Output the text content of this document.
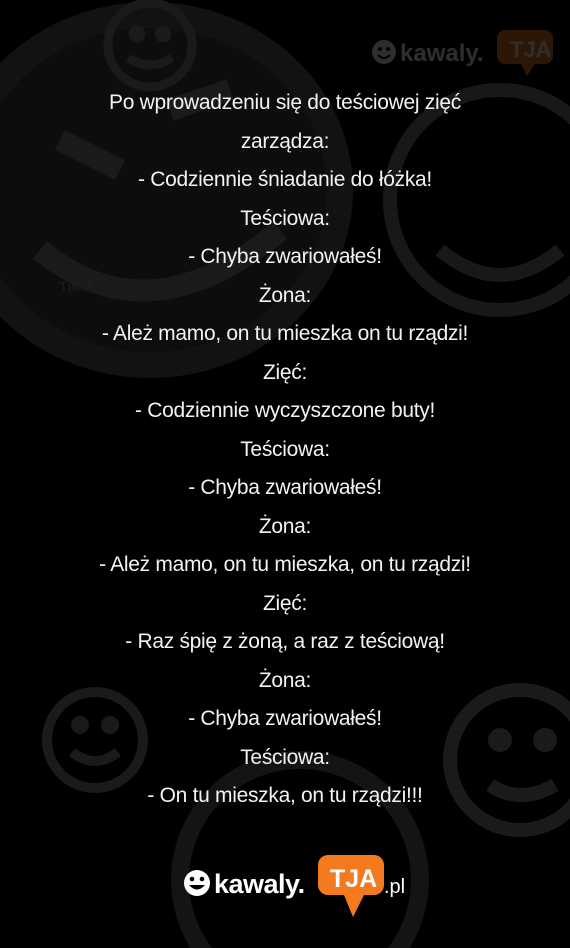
Tja.pl
kawaly. TJA
Po wprowadzeniu się do teściowej zięć
zarządza:
- Codziennie śniadanie do łóżka!
Teściowa:
- Chyba zwariowałeś!
Żona:
- Ależ mamo, on tu mieszka on tu rządzi!
Zięć:
- Codziennie wyczyszczone buty!
Teściowa:
- Chyba zwariowałeś!
Żona:
- Ależ mamo, on tu mieszka, on tu rządzi!
Zięć:
- Raz śpię z żoną, a raz z teściową!
Żona:
- Chyba zwariowałeś!
Teściowa:
- On tu mieszka, on tu rządzi!!!
kawaly. TJA .pl
